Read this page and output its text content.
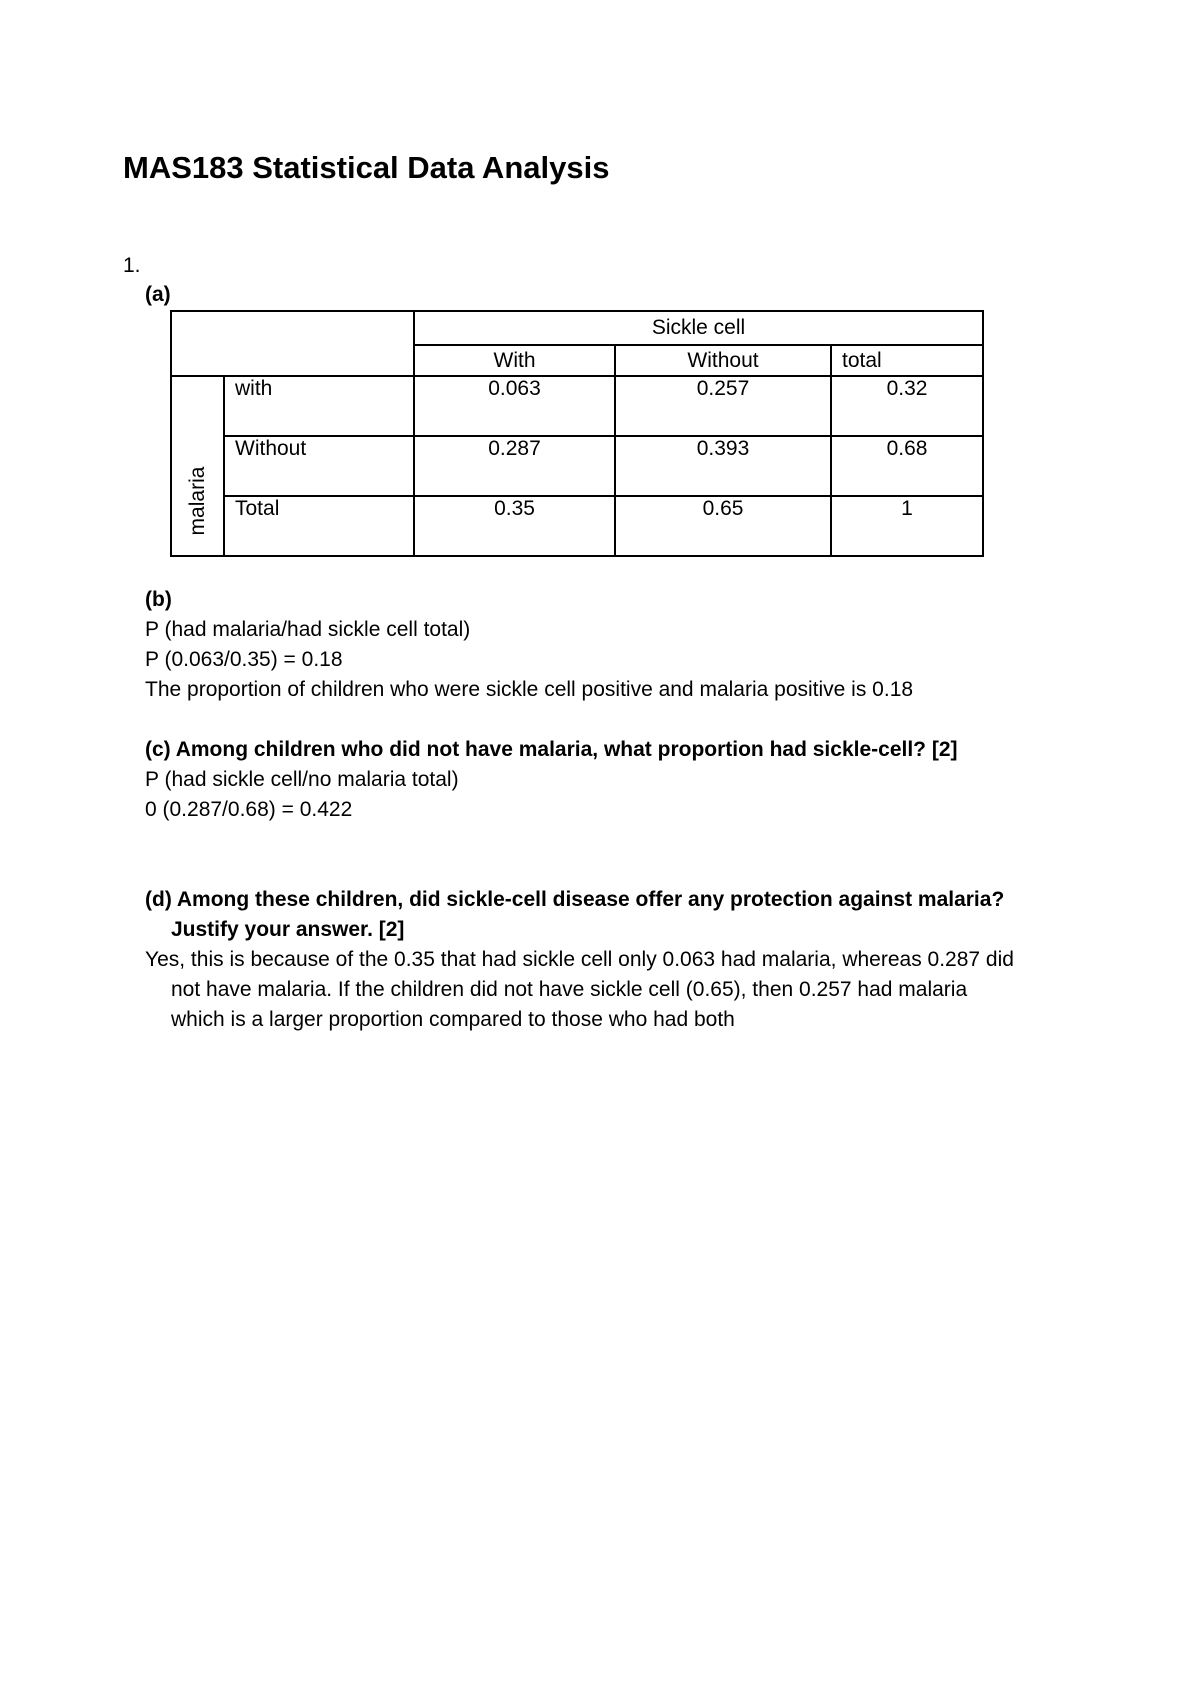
MAS183 Statistical Data Analysis
1.
(a)
		Sickle cell		
		With	Without	total

malaria	with	0.063	0.257	0.32
	Without	0.287	0.393	0.68
	Total	0.35	0.65	1
(b)
P (had malaria/had sickle cell total)
P (0.063/0.35) = 0.18
The proportion of children who were sickle cell positive and malaria positive is 0.18
(c) Among children who did not have malaria, what proportion had sickle-cell? [2]
P (had sickle cell/no malaria total)
0 (0.287/0.68) = 0.422
(d) Among these children, did sickle-cell disease offer any protection against malaria?
Justify your answer. [2]
Yes, this is because of the 0.35 that had sickle cell only 0.063 had malaria, whereas 0.287 did
not have malaria. If the children did not have sickle cell (0.65), then 0.257 had malaria
which is a larger proportion compared to those who had both
